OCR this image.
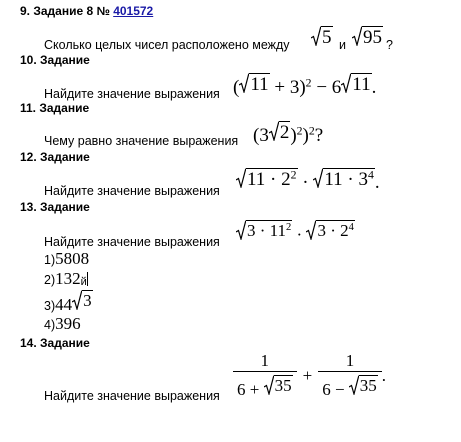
9. Задание 8 № 401572
Сколько целых чисел расположено между 5 и 95 ?
10. Задание
Найдите значение выражения ( 11 + 3)$^2$ − 6 11 .
11. Задание
Чему равно значение выражения (3 2 )$^2$)$^2$?
12. Задание
Найдите значение выражения
$11 \cdot 2^2 \cdot 11 \cdot 3^4$ .
13. Задание
Найдите значение выражения
$3 \cdot 11^2 \cdot 3 \cdot 2^4$
1)5808
2)132й
3)44 3
4)396
14. Задание
Найдите значение выражения $\frac{1}{6 + 35} + \frac{1}{6 - 35}$ .
